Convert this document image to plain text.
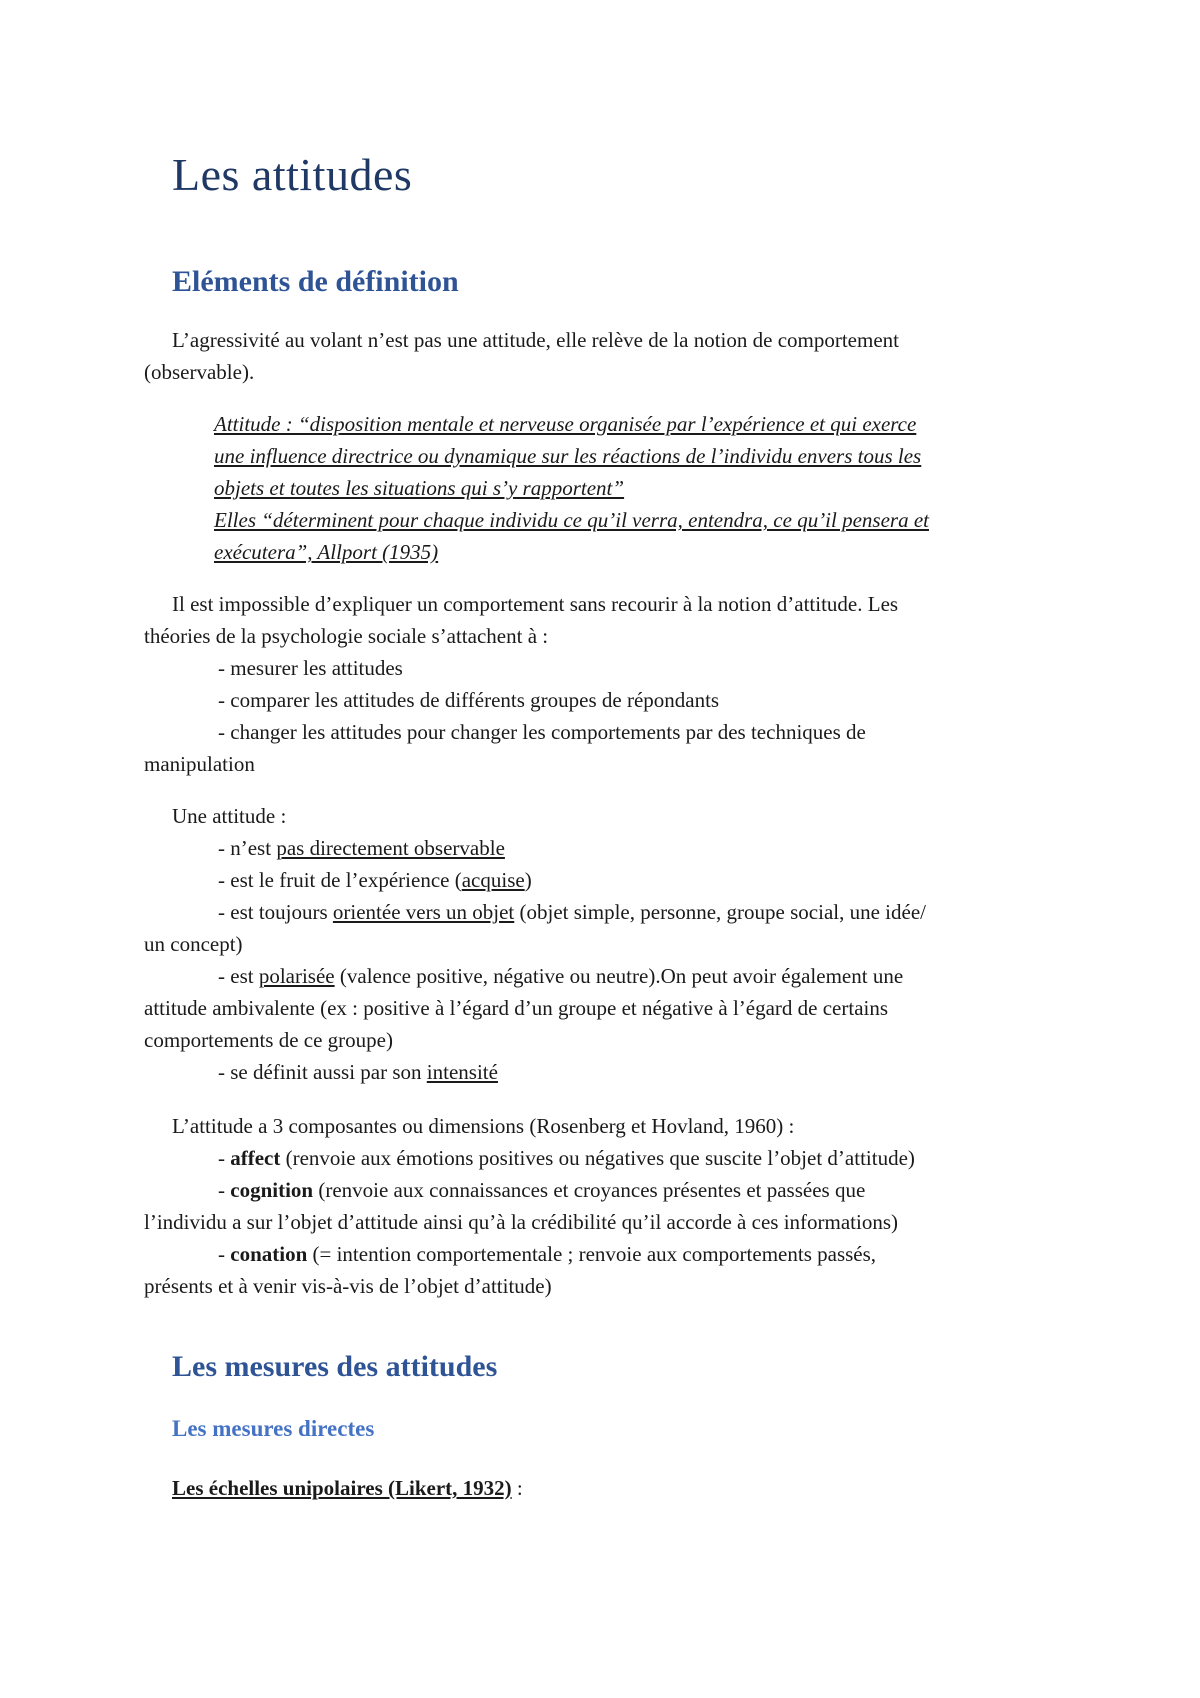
Les attitudes
Eléments de définition
L’agressivité au volant n’est pas une attitude, elle relève de la notion de comportement
(observable).
Attitude : “disposition mentale et nerveuse organisée par l’expérience et qui exerce
une influence directrice ou dynamique sur les réactions de l’individu envers tous les
objets et toutes les situations qui s’y rapportent”
Elles “déterminent pour chaque individu ce qu’il verra, entendra, ce qu’il pensera et
exécutera”, Allport (1935)
Il est impossible d’expliquer un comportement sans recourir à la notion d’attitude. Les
théories de la psychologie sociale s’attachent à :
- mesurer les attitudes
- comparer les attitudes de différents groupes de répondants
- changer les attitudes pour changer les comportements par des techniques de
manipulation
Une attitude :
- n’est pas directement observable
- est le fruit de l’expérience (acquise)
- est toujours orientée vers un objet (objet simple, personne, groupe social, une idée/
un concept)
- est polarisée (valence positive, négative ou neutre).On peut avoir également une
attitude ambivalente (ex : positive à l’égard d’un groupe et négative à l’égard de certains
comportements de ce groupe)
- se définit aussi par son intensité
L’attitude a 3 composantes ou dimensions (Rosenberg et Hovland, 1960) :
- affect (renvoie aux émotions positives ou négatives que suscite l’objet d’attitude)
- cognition (renvoie aux connaissances et croyances présentes et passées que
l’individu a sur l’objet d’attitude ainsi qu’à la crédibilité qu’il accorde à ces informations)
- conation (= intention comportementale ; renvoie aux comportements passés,
présents et à venir vis-à-vis de l’objet d’attitude)
Les mesures des attitudes
Les mesures directes
Les échelles unipolaires (Likert, 1932) :
